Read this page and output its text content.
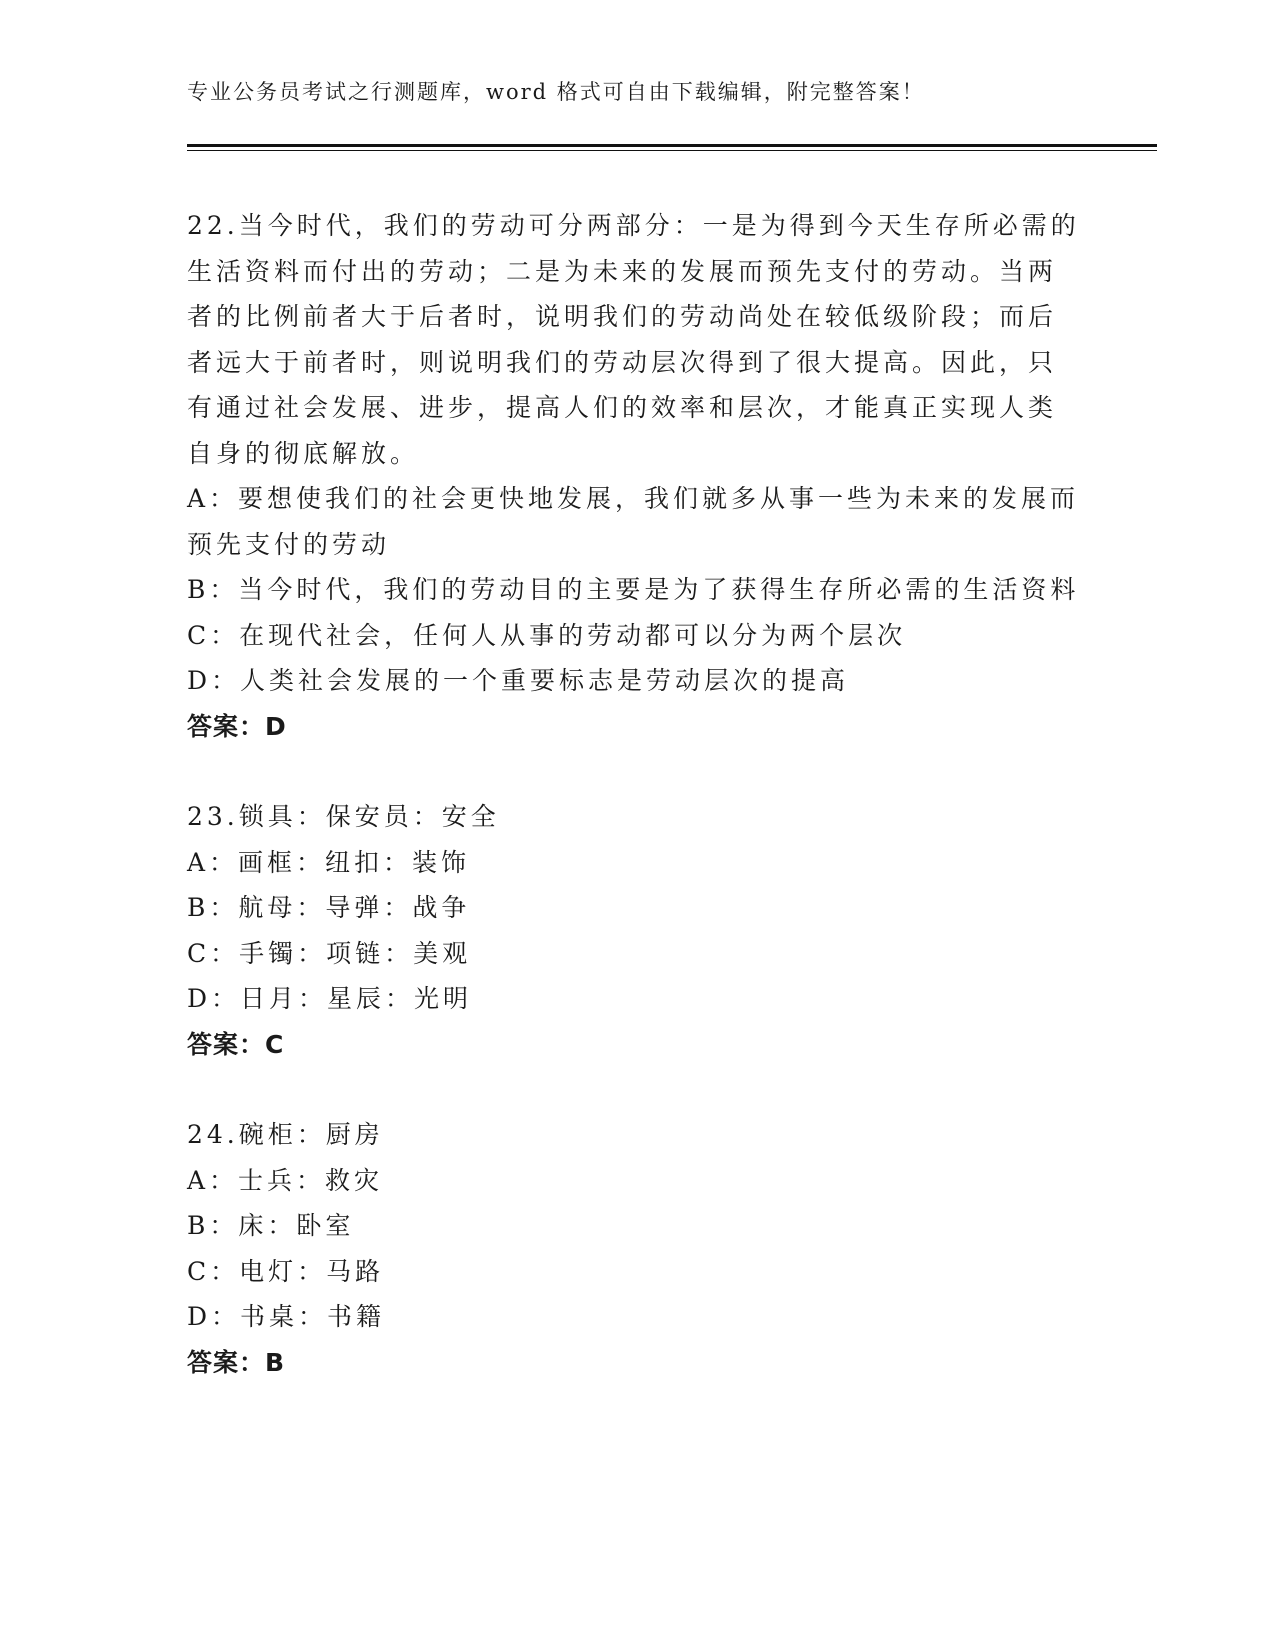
专业公务员考试之行测题库，word 格式可自由下载编辑，附完整答案！
22.当今时代，我们的劳动可分两部分：一是为得到今天生存所必需的
生活资料而付出的劳动；二是为未来的发展而预先支付的劳动。当两
者的比例前者大于后者时，说明我们的劳动尚处在较低级阶段；而后
者远大于前者时，则说明我们的劳动层次得到了很大提高。因此，只
有通过社会发展、进步，提高人们的效率和层次，才能真正实现人类
自身的彻底解放。
A：要想使我们的社会更快地发展，我们就多从事一些为未来的发展而
预先支付的劳动
B：当今时代，我们的劳动目的主要是为了获得生存所必需的生活资料
C：在现代社会，任何人从事的劳动都可以分为两个层次
D：人类社会发展的一个重要标志是劳动层次的提高
答案：D
23.锁具：保安员：安全
A：画框：纽扣：装饰
B：航母：导弹：战争
C：手镯：项链：美观
D：日月：星辰：光明
答案：C
24.碗柜：厨房
A：士兵：救灾
B：床：卧室
C：电灯：马路
D：书桌：书籍
答案：B
